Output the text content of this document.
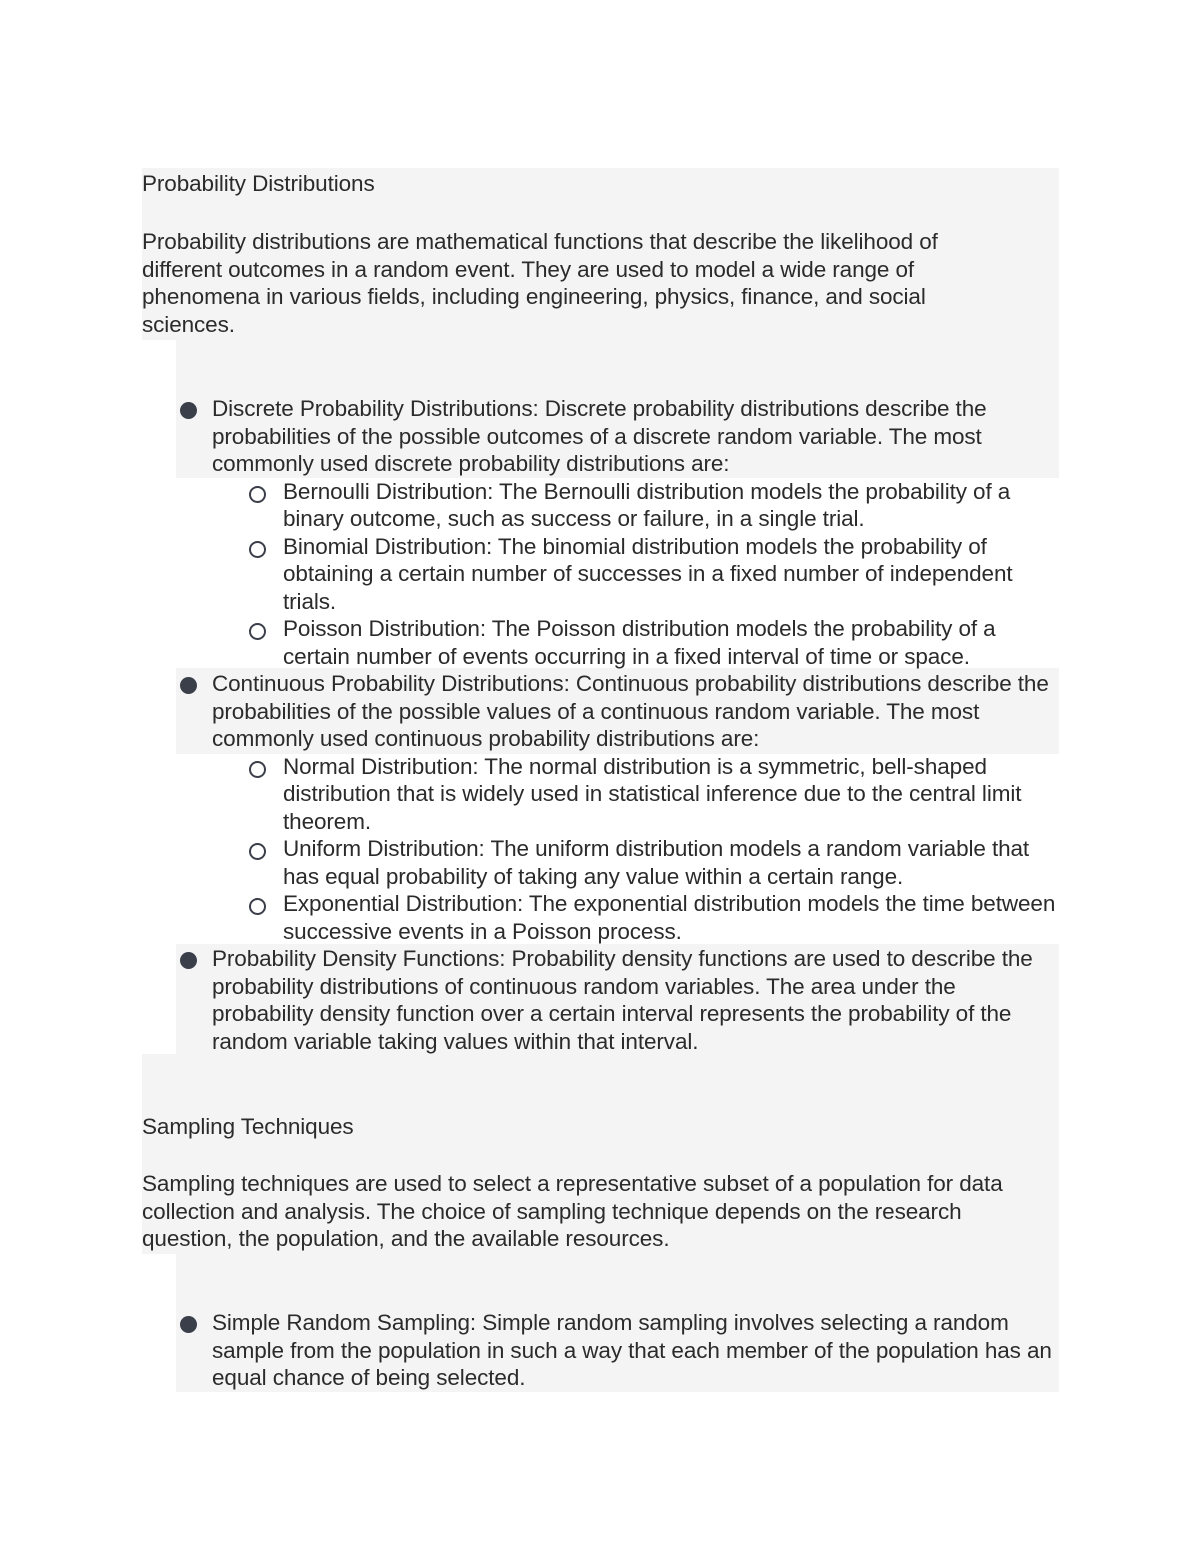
Probability Distributions
Probability distributions are mathematical functions that describe the likelihood of different outcomes in a random event. They are used to model a wide range of phenomena in various fields, including engineering, physics, finance, and social sciences.
Discrete Probability Distributions: Discrete probability distributions describe the probabilities of the possible outcomes of a discrete random variable. The most commonly used discrete probability distributions are:
Bernoulli Distribution: The Bernoulli distribution models the probability of a binary outcome, such as success or failure, in a single trial.
Binomial Distribution: The binomial distribution models the probability of obtaining a certain number of successes in a fixed number of independent trials.
Poisson Distribution: The Poisson distribution models the probability of a certain number of events occurring in a fixed interval of time or space.
Continuous Probability Distributions: Continuous probability distributions describe the probabilities of the possible values of a continuous random variable. The most commonly used continuous probability distributions are:
Normal Distribution: The normal distribution is a symmetric, bell-shaped distribution that is widely used in statistical inference due to the central limit theorem.
Uniform Distribution: The uniform distribution models a random variable that has equal probability of taking any value within a certain range.
Exponential Distribution: The exponential distribution models the time between successive events in a Poisson process.
Probability Density Functions: Probability density functions are used to describe the probability distributions of continuous random variables. The area under the probability density function over a certain interval represents the probability of the random variable taking values within that interval.
Sampling Techniques
Sampling techniques are used to select a representative subset of a population for data collection and analysis. The choice of sampling technique depends on the research question, the population, and the available resources.
Simple Random Sampling: Simple random sampling involves selecting a random sample from the population in such a way that each member of the population has an equal chance of being selected.
